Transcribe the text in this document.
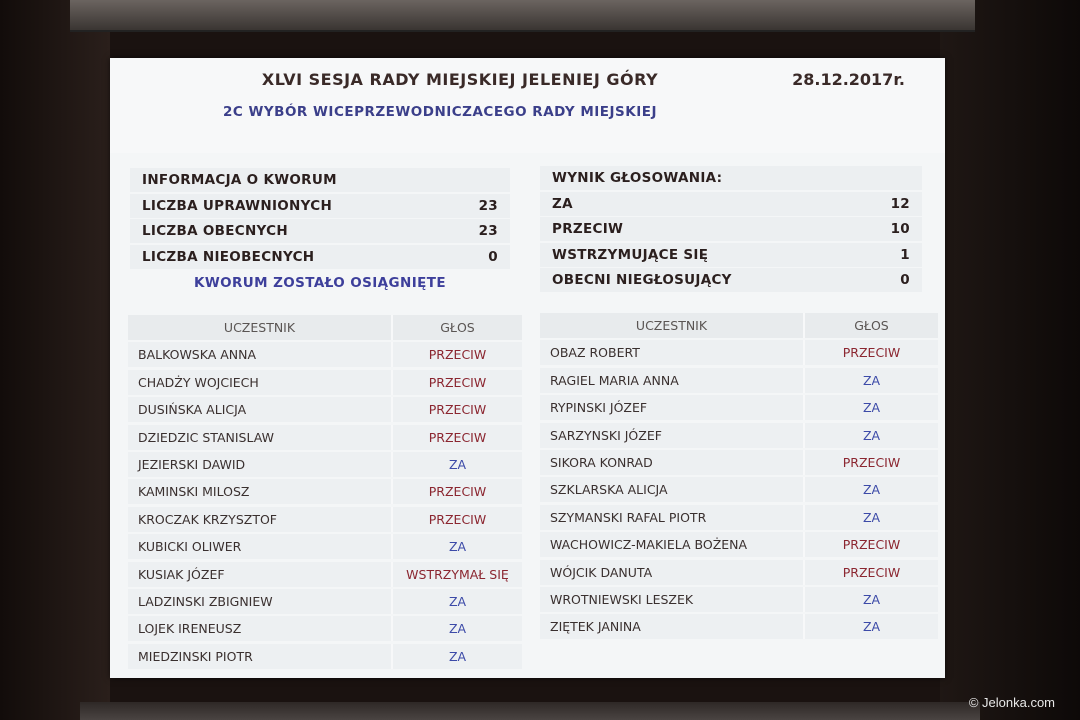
XLVI SESJA RADY MIEJSKIEJ JELENIEJ GÓRY	28.12.2017r.
2C WYBÓR WICEPRZEWODNICZACEGO RADY MIEJSKIEJ
INFORMACJA O KWORUM
LICZBA UPRAWNIONYCH	23
LICZBA OBECNYCH	23
LICZBA NIEOBECNYCH	0
KWORUM ZOSTAŁO OSIĄGNIĘTE
WYNIK GŁOSOWANIA:
ZA	12
PRZECIW	10
WSTRZYMUJĄCE SIĘ	1
OBECNI NIEGŁOSUJĄCY	0
UCZESTNIK	GŁOS
BALKOWSKA ANNA	PRZECIW
CHADŻY WOJCIECH	PRZECIW
DUSIŃSKA ALICJA	PRZECIW
DZIEDZIC STANISLAW	PRZECIW
JEZIERSKI DAWID	ZA
KAMINSKI MILOSZ	PRZECIW
KROCZAK KRZYSZTOF	PRZECIW
KUBICKI OLIWER	ZA
KUSIAK JÓZEF	WSTRZYMAŁ SIĘ
LADZINSKI ZBIGNIEW	ZA
LOJEK IRENEUSZ	ZA
MIEDZINSKI PIOTR	ZA
UCZESTNIK	GŁOS
OBAZ ROBERT	PRZECIW
RAGIEL MARIA ANNA	ZA
RYPINSKI JÓZEF	ZA
SARZYNSKI JÓZEF	ZA
SIKORA KONRAD	PRZECIW
SZKLARSKA ALICJA	ZA
SZYMANSKI RAFAL PIOTR	ZA
WACHOWICZ-MAKIELA BOŻENA	PRZECIW
WÓJCIK DANUTA	PRZECIW
WROTNIEWSKI LESZEK	ZA
ZIĘTEK JANINA	ZA
© Jelonka.com
